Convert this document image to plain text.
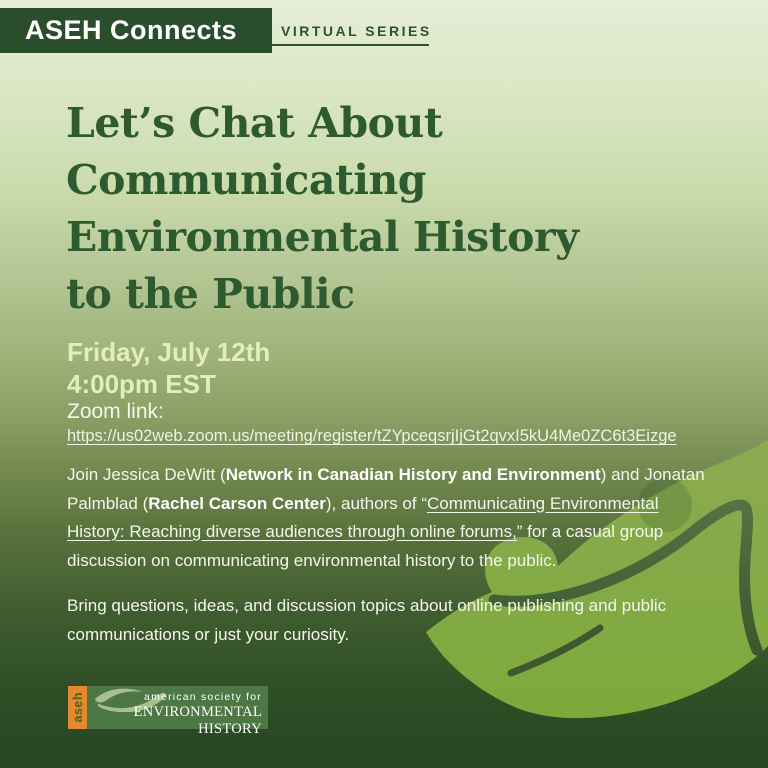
ASEH Connects	VIRTUAL SERIES
Let’s Chat About
Communicating
Environmental History
to the Public
Friday, July 12th
4:00pm EST
Zoom link:
https://us02web.zoom.us/meeting/register/tZYpceqsrjIjGt2qvxI5kU4Me0ZC6t3Eizge

Join Jessica DeWitt (Network in Canadian History and Environment) and Jonatan Palmblad (Rachel Carson Center), authors of “Communicating Environmental History: Reaching diverse audiences through online forums,” for a casual group discussion on communicating environmental history to the public.

Bring questions, ideas, and discussion topics about online publishing and public communications or just your curiosity.

aseh	american society for
ENVIRONMENTAL HISTORY
